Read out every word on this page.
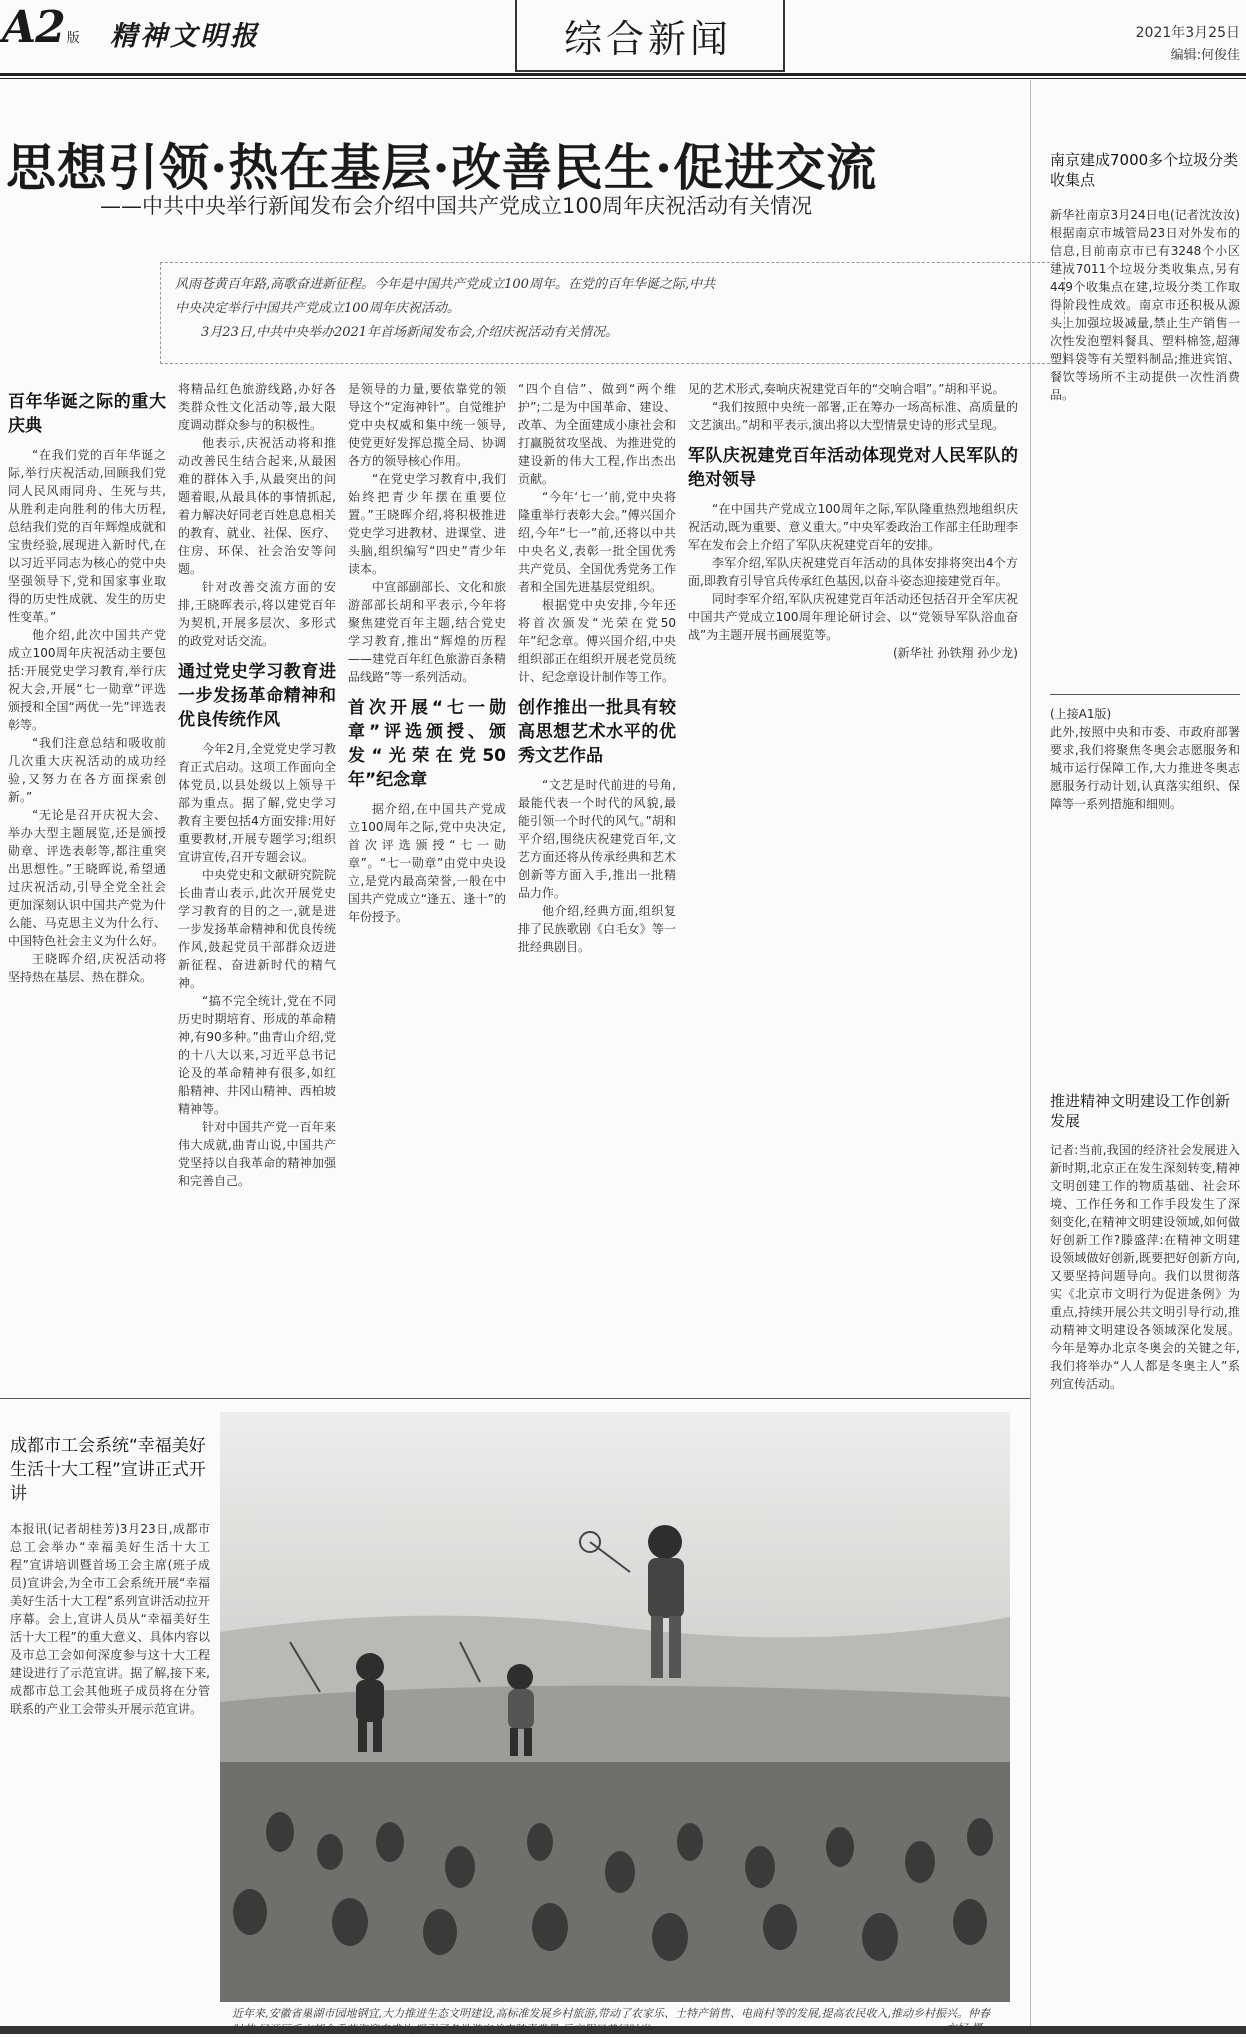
A2 版 精神文明报	综合新闻	2021年3月25日
编辑:何俊佳
思想引领·热在基层·改善民生·促进交流
——中共中央举行新闻发布会介绍中国共产党成立100周年庆祝活动有关情况
风雨苍黄百年路,高歌奋进新征程。今年是中国共产党成立100周年。在党的百年华诞之际,中共
中央决定举行中国共产党成立100周年庆祝活动。
3月23日,中共中央举办2021年首场新闻发布会,介绍庆祝活动有关情况。
百年华诞之际的重大庆典

“在我们党的百年华诞之际,举行庆祝活动,回顾我们党同人民风雨同舟、生死与共,从胜利走向胜利的伟大历程,总结我们党的百年辉煌成就和宝贵经验,展现进入新时代,在以习近平同志为核心的党中央坚强领导下,党和国家事业取得的历史性成就、发生的历史性变革。”

他介绍,此次中国共产党成立100周年庆祝活动主要包括:开展党史学习教育,举行庆祝大会,开展“七一勋章”评选颁授和全国“两优一先”评选表彰等。

“我们注意总结和吸收前几次重大庆祝活动的成功经验,又努力在各方面探索创新。”

“无论是召开庆祝大会、举办大型主题展览,还是颁授勋章、评选表彰等,都注重突出思想性。”王晓晖说,希望通过庆祝活动,引导全党全社会更加深刻认识中国共产党为什么能、马克思主义为什么行、中国特色社会主义为什么好。

王晓晖介绍,庆祝活动将坚持热在基层、热在群众。

将精品红色旅游线路,办好各类群众性文化活动等,最大限度调动群众参与的积极性。

他表示,庆祝活动将和推动改善民生结合起来,从最困难的群体入手,从最突出的问题着眼,从最具体的事情抓起,着力解决好同老百姓息息相关的教育、就业、社保、医疗、住房、环保、社会治安等问题。

针对改善交流方面的安排,王晓晖表示,将以建党百年为契机,开展多层次、多形式的政党对话交流。

通过党史学习教育进一步发扬革命精神和优良传统作风

今年2月,全党党史学习教育正式启动。这项工作面向全体党员,以县处级以上领导干部为重点。据了解,党史学习教育主要包括4方面安排:用好重要教材,开展专题学习;组织宣讲宣传,召开专题会议。

中央党史和文献研究院院长曲青山表示,此次开展党史学习教育的目的之一,就是进一步发扬革命精神和优良传统作风,鼓起党员干部群众迈进新征程、奋进新时代的精气神。

“搞不完全统计,党在不同历史时期培育、形成的革命精神,有90多种。”曲青山介绍,党的十八大以来,习近平总书记论及的革命精神有很多,如红船精神、井冈山精神、西柏坡精神等。

针对中国共产党一百年来伟大成就,曲青山说,中国共产党坚持以自我革命的精神加强和完善自己。

是领导的力量,要依靠党的领导这个“定海神针”。自觉维护党中央权威和集中统一领导,使党更好发挥总揽全局、协调各方的领导核心作用。

“在党史学习教育中,我们始终把青少年摆在重要位置。”王晓晖介绍,将积极推进党史学习进教材、进课堂、进头脑,组织编写“四史”青少年读本。

中宣部副部长、文化和旅游部部长胡和平表示,今年将聚焦建党百年主题,结合党史学习教育,推出“辉煌的历程——建党百年红色旅游百条精品线路”等一系列活动。

首次开展“七一勋章”评选颁授、颁发“光荣在党50年”纪念章

据介绍,在中国共产党成立100周年之际,党中央决定,首次评选颁授“七一勋章”。“七一勋章”由党中央设立,是党内最高荣誉,一般在中国共产党成立“逢五、逢十”的年份授予。

“四个自信”、做到“两个维护”;二是为中国革命、建设、改革、为全面建成小康社会和打赢脱贫攻坚战、为推进党的建设新的伟大工程,作出杰出贡献。

“今年‘七一’前,党中央将隆重举行表彰大会。”傅兴国介绍,今年“七一”前,还将以中共中央名义,表彰一批全国优秀共产党员、全国优秀党务工作者和全国先进基层党组织。

根据党中央安排,今年还将首次颁发“光荣在党50年”纪念章。傅兴国介绍,中央组织部正在组织开展老党员统计、纪念章设计制作等工作。

创作推出一批具有较高思想艺术水平的优秀文艺作品

“文艺是时代前进的号角,最能代表一个时代的风貌,最能引领一个时代的风气。”胡和平介绍,围绕庆祝建党百年,文艺方面还将从传承经典和艺术创新等方面入手,推出一批精品力作。

他介绍,经典方面,组织复排了民族歌剧《白毛女》等一批经典剧目。

见的艺术形式,奏响庆祝建党百年的“交响合唱”。”胡和平说。

“我们按照中央统一部署,正在筹办一场高标准、高质量的文艺演出。”胡和平表示,演出将以大型情景史诗的形式呈现。

军队庆祝建党百年活动体现党对人民军队的绝对领导

“在中国共产党成立100周年之际,军队隆重热烈地组织庆祝活动,既为重要、意义重大。”中央军委政治工作部主任助理李军在发布会上介绍了军队庆祝建党百年的安排。

李军介绍,军队庆祝建党百年活动的具体安排将突出4个方面,即教育引导官兵传承红色基因,以奋斗姿态迎接建党百年。

同时李军介绍,军队庆祝建党百年活动还包括召开全军庆祝中国共产党成立100周年理论研讨会、以“党领导军队浴血奋战”为主题开展书画展览等。

(新华社 孙铁翔 孙少龙)

成都市工会系统“幸福美好生活十大工程”宣讲正式开讲
本报讯(记者胡桂芳)3月23日,成都市总工会举办“幸福美好生活十大工程”宣讲培训暨首场工会主席(班子成员)宣讲会,为全市工会系统开展“幸福美好生活十大工程”系列宣讲活动拉开序幕。会上,宣讲人员从“幸福美好生活十大工程”的重大意义、具体内容以及市总工会如何深度参与这十大工程建设进行了示范宣讲。据了解,接下来,成都市总工会其他班子成员将在分管联系的产业工会带头开展示范宣讲。
近年来,安徽省巢湖市园地钢宜,大力推进生态文明建设,高标准发展乡村旅游,带动了农家乐、土特产销售、电商村等的发展,提高农民收入,推动乡村振兴。仲春
南京建成7000多个垃圾分类收集点
新华社南京3月24日电(记者沈汝汝)根据南京市城管局23日对外发布的信息,目前南京市已有3248个小区建成7011个垃圾分类收集点,另有449个收集点在建,垃圾分类工作取得阶段性成效。南京市还积极从源头上加强垃圾减量,禁止生产销售一次性发泡塑料餐具、塑料棉签,超薄塑料袋等有关塑料制品;推进宾馆、餐饮等场所不主动提供一次性消费品。
(上接A1版)
此外,按照中央和市委、市政府部署要求,我们将聚焦冬奥会志愿服务和城市运行保障工作,大力推进冬奥志愿服务行动计划,认真落实组织、保障等一系列措施和细则。
推进精神文明建设工作创新发展
记者:当前,我国的经济社会发展进入新时期,北京正在发生深刻转变,精神文明创建工作的物质基础、社会环境、工作任务和工作手段发生了深刻变化,在精神文明建设领域,如何做好创新工作?滕盛萍:在精神文明建设领域做好创新,既要把好创新方向,又要坚持问题导向。我们以贯彻落实《北京市文明行为促进条例》为重点,持续开展公共文明引导行动,推动精神文明建设各领域深化发展。今年是筹办北京冬奥会的关键之年,我们将举办“人人都是冬奥主人”系列宣传活动。
